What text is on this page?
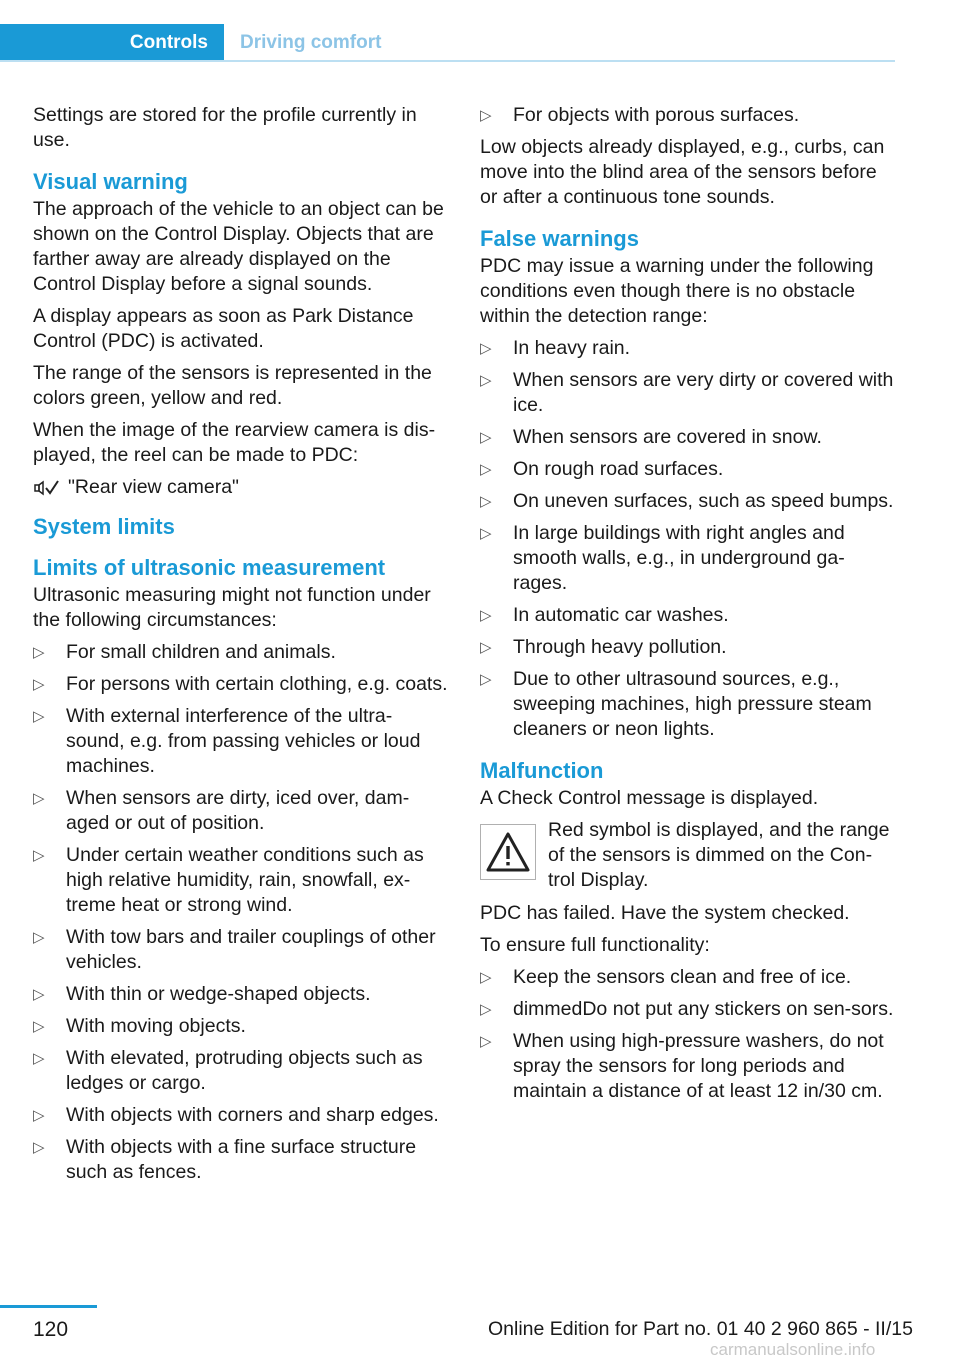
Controls	Driving comfort

Settings are stored for the profile currently in use.

Visual warning

The approach of the vehicle to an object can be shown on the Control Display. Objects that are farther away are already displayed on the Control Display before a signal sounds.

A display appears as soon as Park Distance Control (PDC) is activated.

The range of the sensors is represented in the colors green, yellow and red.

When the image of the rearview camera is dis-played, the reel can be made to PDC:

"Rear view camera"
System limits
Limits of ultrasonic measurement

Ultrasonic measuring might not function under the following circumstances:

▷ For small children and animals.
▷ For persons with certain clothing, e.g. coats.
▷ With external interference of the ultra-sound, e.g. from passing vehicles or loud machines.
▷ When sensors are dirty, iced over, dam-aged or out of position.
▷ Under certain weather conditions such as high relative humidity, rain, snowfall, ex-treme heat or strong wind.
▷ With tow bars and trailer couplings of other vehicles.
▷ With thin or wedge-shaped objects.
▷ With moving objects.
▷ With elevated, protruding objects such as ledges or cargo.
▷ With objects with corners and sharp edges.
▷ With objects with a fine surface structure such as fences.
▷ For objects with porous surfaces.

Low objects already displayed, e.g., curbs, can move into the blind area of the sensors before or after a continuous tone sounds.

False warnings

PDC may issue a warning under the following conditions even though there is no obstacle within the detection range:

▷ In heavy rain.
▷ When sensors are very dirty or covered with ice.
▷ When sensors are covered in snow.
▷ On rough road surfaces.
▷ On uneven surfaces, such as speed bumps.
▷ In large buildings with right angles and smooth walls, e.g., in underground ga-rages.
▷ In automatic car washes.
▷ Through heavy pollution.
▷ Due to other ultrasound sources, e.g., sweeping machines, high pressure steam cleaners or neon lights.
Malfunction

A Check Control message is displayed.

Red symbol is displayed, and the range of the sensors is dimmed on the Con-trol Display.

PDC has failed. Have the system checked.

To ensure full functionality:

▷ Keep the sensors clean and free of ice.
▷ dimmedDo not put any stickers on sen-sors.
▷ When using high-pressure washers, do not spray the sensors for long periods and maintain a distance of at least 12 in/30 cm.
120	Online Edition for Part no. 01 40 2 960 865 - II/15
carmanualsonline.info
